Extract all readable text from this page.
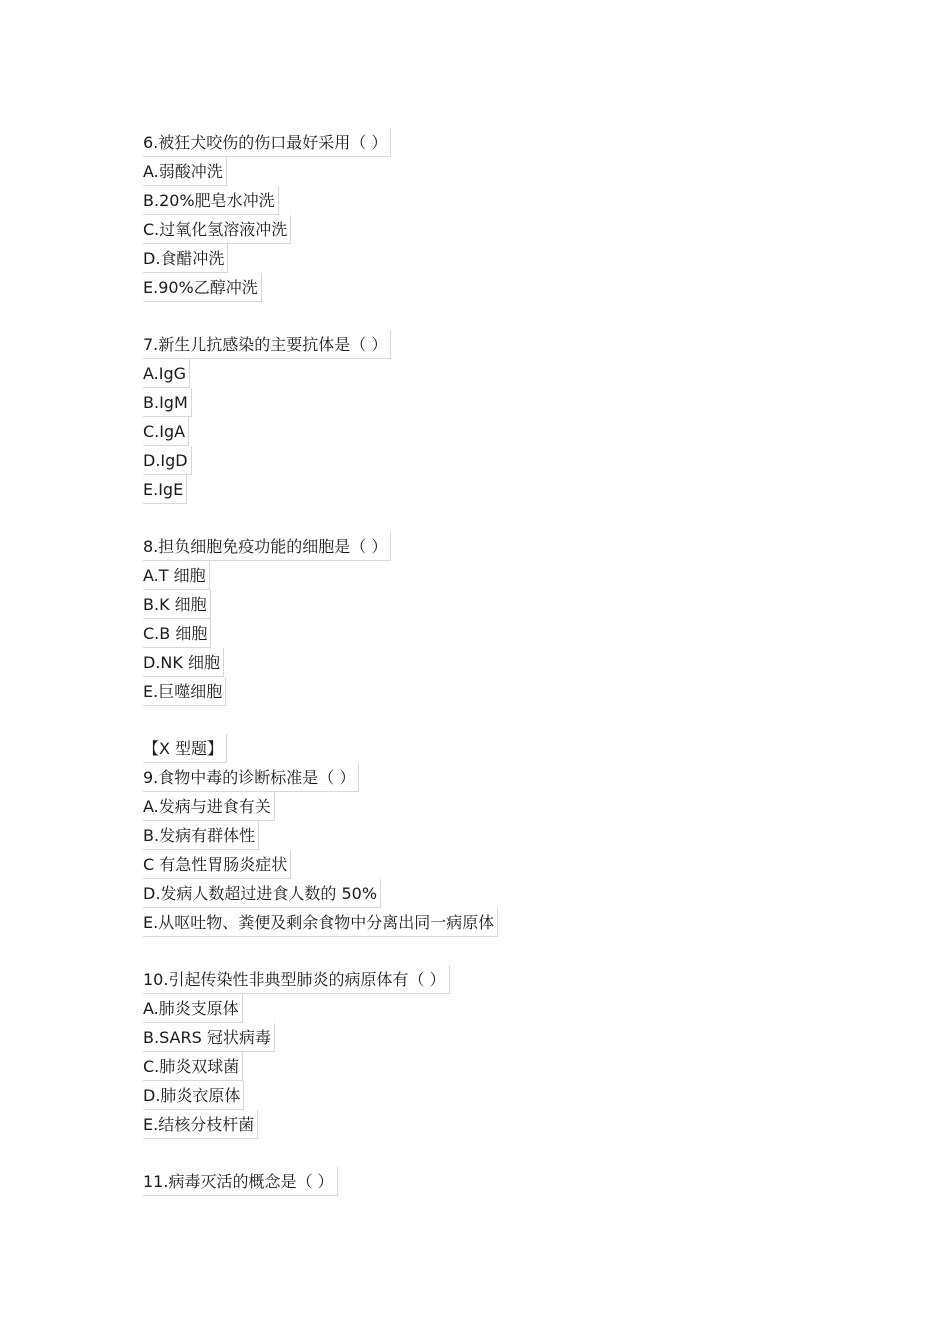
6.被狂犬咬伤的伤口最好采用（ ）
A.弱酸冲洗
B.20%肥皂水冲洗
C.过氧化氢溶液冲洗
D.食醋冲洗
E.90%乙醇冲洗
7.新生儿抗感染的主要抗体是（ ）
A.IgG
B.IgM
C.IgA
D.IgD
E.IgE
8.担负细胞免疫功能的细胞是（ ）
A.T 细胞
B.K 细胞
C.B 细胞
D.NK 细胞
E.巨噬细胞
【X 型题】
9.食物中毒的诊断标准是（ ）
A.发病与进食有关
B.发病有群体性
C 有急性胃肠炎症状
D.发病人数超过进食人数的 50%
E.从呕吐物、粪便及剩余食物中分离出同一病原体
10.引起传染性非典型肺炎的病原体有（ ）
A.肺炎支原体
B.SARS 冠状病毒
C.肺炎双球菌
D.肺炎衣原体
E.结核分枝杆菌
11.病毒灭活的概念是（ ）
